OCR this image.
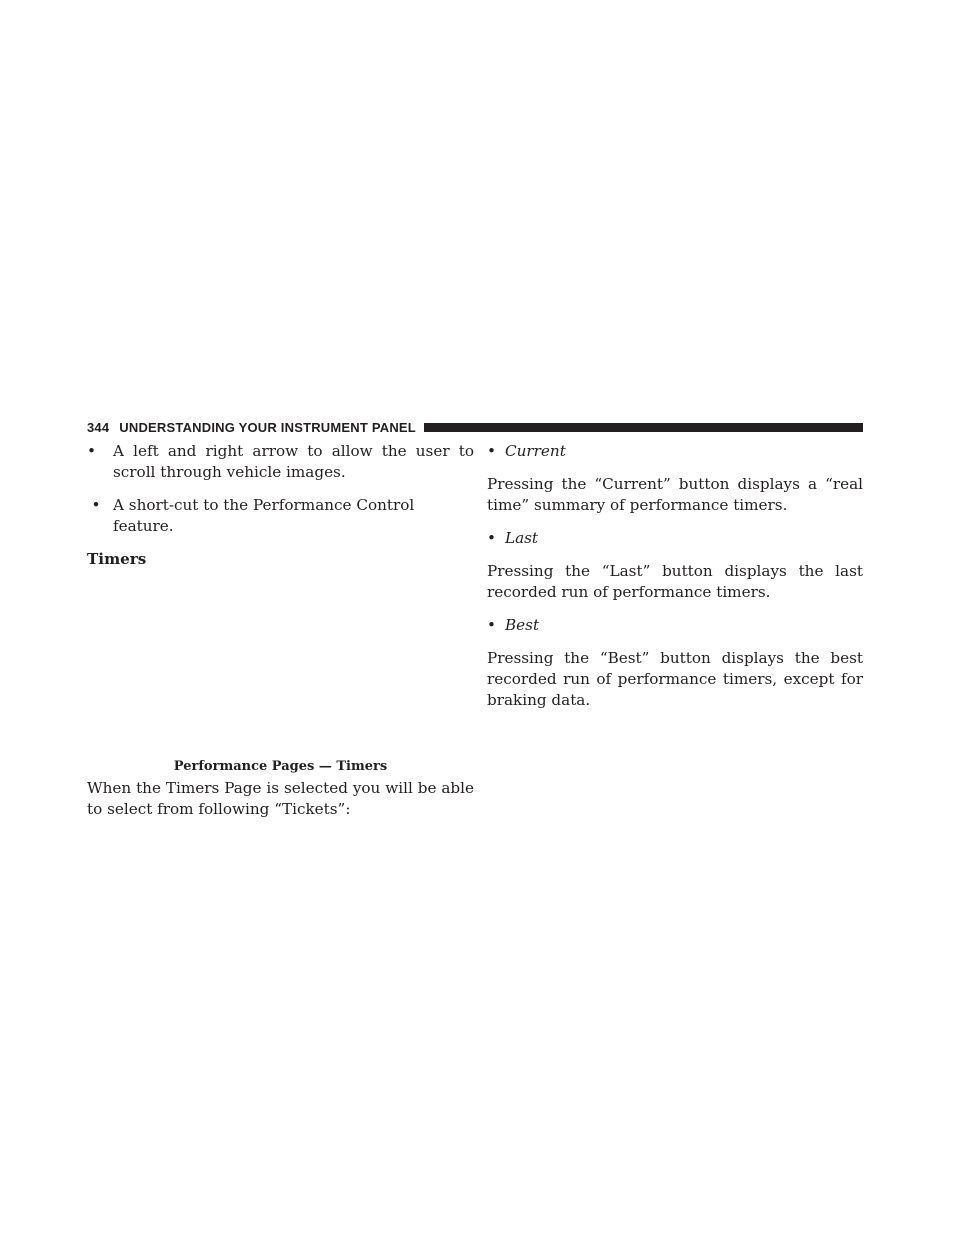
344 UNDERSTANDING YOUR INSTRUMENT PANEL
•	A left and right arrow to allow the user to scroll through vehicle images.
• A short-cut to the Performance Control feature.

Timers

Performance Pages — Timers

When the Timers Page is selected you will be able to select from following “Tickets”:

• Current

Pressing the “Current” button displays a “real time” summary of performance timers.

• Last

Pressing the “Last” button displays the last recorded run of performance timers.

• Best

Pressing the “Best” button displays the best recorded run of performance timers, except for braking data.
